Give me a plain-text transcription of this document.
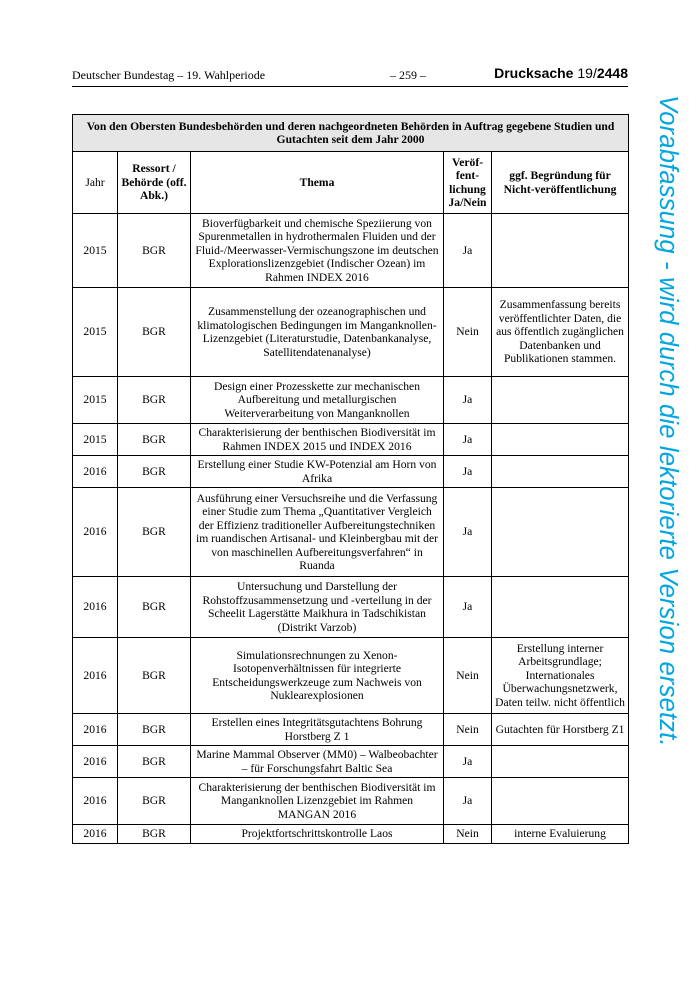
Deutscher Bundestag – 19. Wahlperiode	– 259 –	Drucksache 19/2448
Von den Obersten Bundesbehörden und deren nachgeordneten Behörden in Auftrag gegebene Studien und Gutachten seit dem Jahr 2000				
Jahr	Ressort / Behörde (off. Abk.)	Thema	Veröf-fent-lichung Ja/Nein	ggf. Begründung für Nicht-veröffentlichung
2015	BGR	Bioverfügbarkeit und chemische Speziierung von Spurenmetallen in hydrothermalen Fluiden und der Fluid-/Meerwasser-Vermischungszone im deutschen Explorationslizenzgebiet (Indischer Ozean) im Rahmen INDEX 2016	Ja	
2015	BGR	Zusammenstellung der ozeanographischen und klimatologischen Bedingungen im Manganknollen-Lizenzgebiet (Literaturstudie, Datenbankanalyse, Satellitendatenanalyse)	Nein	Zusammenfassung bereits veröffentlichter Daten, die aus öffentlich zugänglichen Datenbanken und Publikationen stammen.
2015	BGR	Design einer Prozesskette zur mechanischen Aufbereitung und metallurgischen Weiterverarbeitung von Manganknollen	Ja	
2015	BGR	Charakterisierung der benthischen Biodiversität im Rahmen INDEX 2015 und INDEX 2016	Ja	
2016	BGR	Erstellung einer Studie KW-Potenzial am Horn von Afrika	Ja	
2016	BGR	Ausführung einer Versuchsreihe und die Verfassung einer Studie zum Thema „Quantitativer Vergleich der Effizienz traditioneller Aufbereitungstechniken im ruandischen Artisanal- und Kleinbergbau mit der von maschinellen Aufbereitungsverfahren“ in Ruanda	Ja	
2016	BGR	Untersuchung und Darstellung der Rohstoffzusammensetzung und -verteilung in der Scheelit Lagerstätte Maikhura in Tadschikistan (Distrikt Varzob)	Ja	
2016	BGR	Simulationsrechnungen zu Xenon-Isotopenverhältnissen für integrierte Entscheidungswerkzeuge zum Nachweis von Nuklearexplosionen	Nein	Erstellung interner Arbeitsgrundlage; Internationales Überwachungsnetzwerk, Daten teilw. nicht öffentlich
2016	BGR	Erstellen eines Integritätsgutachtens Bohrung Horstberg Z 1	Nein	Gutachten für Horstberg Z1
2016	BGR	Marine Mammal Observer (MM0) – Walbeobachter – für Forschungsfahrt Baltic Sea	Ja	
2016	BGR	Charakterisierung der benthischen Biodiversität im Manganknollen Lizenzgebiet im Rahmen MANGAN 2016	Ja	
2016	BGR	Projektfortschrittskontrolle Laos	Nein	interne Evaluierung
Vorabfassung - wird durch die lektorierte Version ersetzt.
